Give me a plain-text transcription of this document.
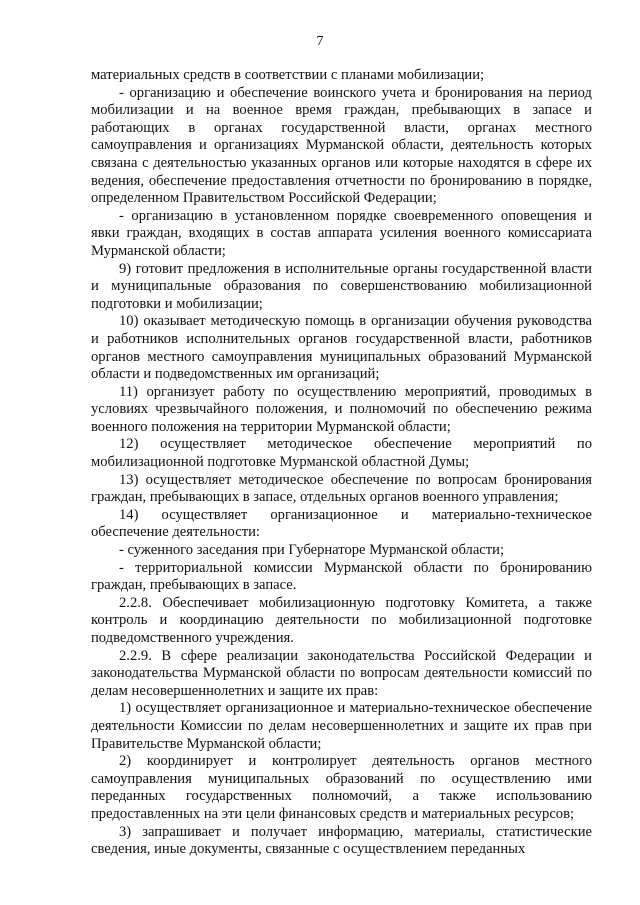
7

материальных средств в соответствии с планами мобилизации;

- организацию и обеспечение воинского учета и бронирования на период мобилизации и на военное время граждан, пребывающих в запасе и работающих в органах государственной власти, органах местного самоуправления и организациях Мурманской области, деятельность которых связана с деятельностью указанных органов или которые находятся в сфере их ведения, обеспечение предоставления отчетности по бронированию в порядке, определенном Правительством Российской Федерации;

- организацию в установленном порядке своевременного оповещения и явки граждан, входящих в состав аппарата усиления военного комиссариата Мурманской области;

9) готовит предложения в исполнительные органы государственной власти и муниципальные образования по совершенствованию мобилизационной подготовки и мобилизации;

10) оказывает методическую помощь в организации обучения руководства и работников исполнительных органов государственной власти, работников органов местного самоуправления муниципальных образований Мурманской области и подведомственных им организаций;

11) организует работу по осуществлению мероприятий, проводимых в условиях чрезвычайного положения, и полномочий по обеспечению режима военного положения на территории Мурманской области;

12) осуществляет методическое обеспечение мероприятий по мобилизационной подготовке Мурманской областной Думы;

13) осуществляет методическое обеспечение по вопросам бронирования граждан, пребывающих в запасе, отдельных органов военного управления;

14) осуществляет организационное и материально-техническое обеспечение деятельности:

- суженного заседания при Губернаторе Мурманской области;

- территориальной комиссии Мурманской области по бронированию граждан, пребывающих в запасе.

2.2.8. Обеспечивает мобилизационную подготовку Комитета, а также контроль и координацию деятельности по мобилизационной подготовке подведомственного учреждения.

2.2.9. В сфере реализации законодательства Российской Федерации и законодательства Мурманской области по вопросам деятельности комиссий по делам несовершеннолетних и защите их прав:

1) осуществляет организационное и материально-техническое обеспечение деятельности Комиссии по делам несовершеннолетних и защите их прав при Правительстве Мурманской области;

2) координирует и контролирует деятельность органов местного самоуправления муниципальных образований по осуществлению ими переданных государственных полномочий, а также использованию предоставленных на эти цели финансовых средств и материальных ресурсов;

3) запрашивает и получает информацию, материалы, статистические сведения, иные документы, связанные с осуществлением переданных
